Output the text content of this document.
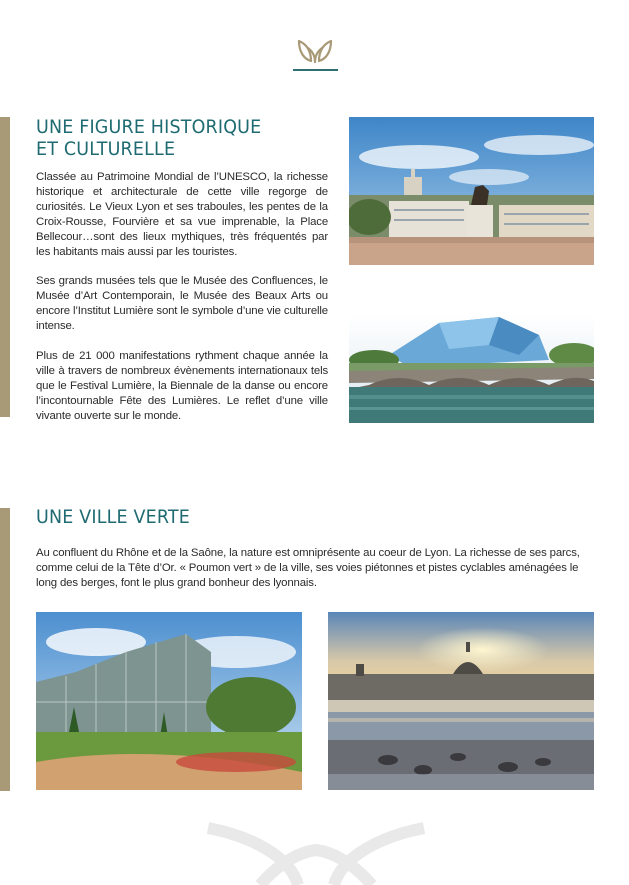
UNE FIGURE HISTORIQUE
ET CULTURELLE

Classée au Patrimoine Mondial de l’UNESCO, la richesse historique et architecturale de cette ville regorge de curiosités. Le Vieux Lyon et ses traboules, les pentes de la Croix-Rousse, Fourvière et sa vue imprenable, la Place Bellecour…sont des lieux mythiques, très fréquentés par les habitants mais aussi par les touristes.

Ses grands musées tels que le Musée des Confluences, le Musée d’Art Contemporain, le Musée des Beaux Arts ou encore l’Institut Lumière sont le symbole d’une vie culturelle intense.

Plus de 21 000 manifestations rythment chaque année la ville à travers de nombreux évènements internationaux tels que le Festival Lumière, la Biennale de la danse ou encore l’incontournable Fête des Lumières. Le reflet d’une ville vivante ouverte sur le monde.

UNE VILLE VERTE

Au confluent du Rhône et de la Saône, la nature est omniprésente au coeur de Lyon. La richesse de ses parcs, comme celui de la Tête d’Or. « Poumon vert » de la ville, ses voies piétonnes et pistes cyclables aménagées le long des berges, font le plus grand bonheur des lyonnais.
